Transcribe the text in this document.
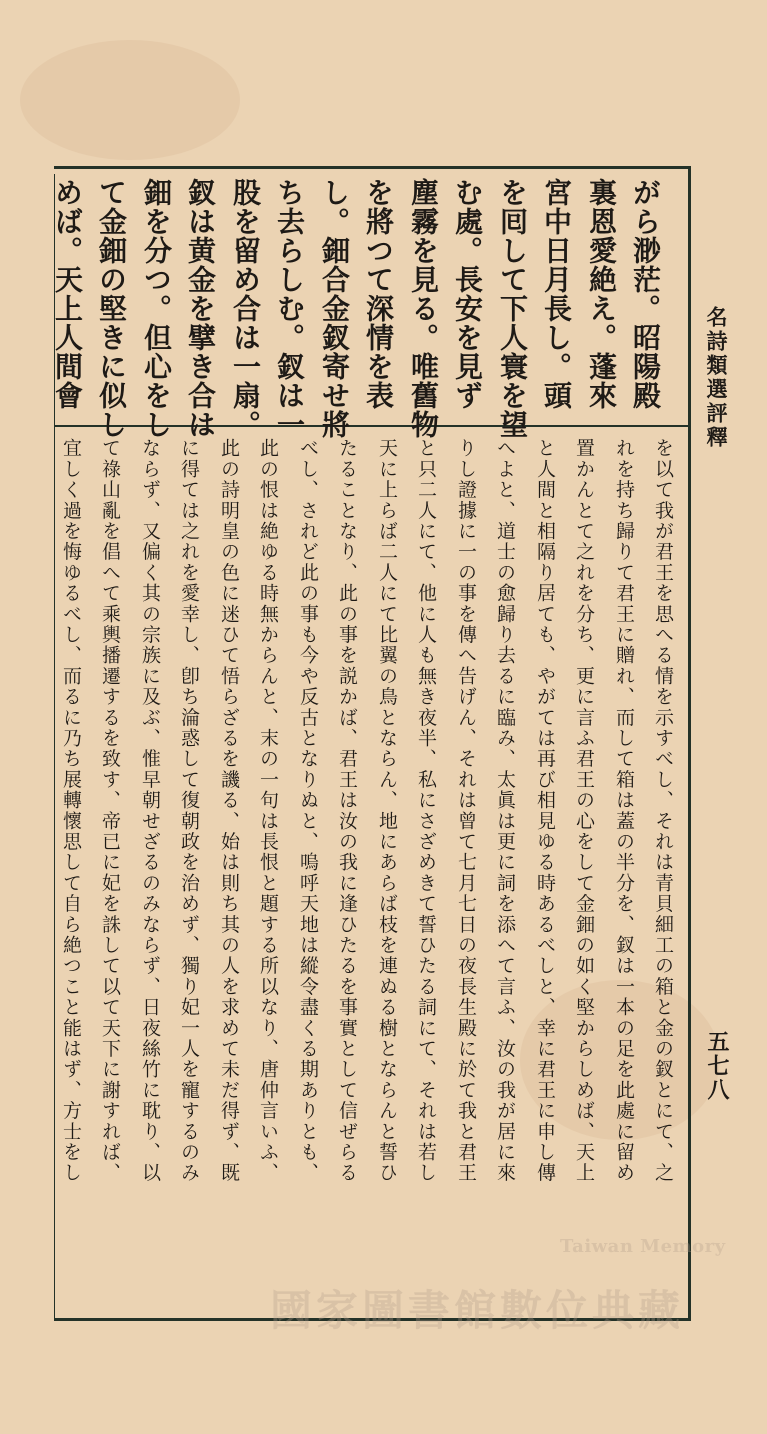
名詩類選評釋
五七八
がら渺茫。昭陽殿
裏恩愛絶え。蓬來
宮中日月長し。頭
を囘して下人寰を望
む處。長安を見ず
塵霧を見る。唯舊物
を將つて深情を表
し。鈿合金釵寄せ將
ち去らしむ。釵は一
股を留め合は一扇。
釵は黄金を擘き合は
鈿を分つ。但心をし
て金鈿の堅きに似し
めば。天上人間會
を以て我が君王を思へる情を示すべし、それは青貝細工の箱と金の釵とにて、之
れを持ち歸りて君王に贈れ、而して箱は蓋の半分を、釵は一本の足を此處に留め
置かんとて之れを分ち、更に言ふ君王の心をして金鈿の如く堅からしめば、天上
と人間と相隔り居ても、やがては再び相見ゆる時あるべしと、幸に君王に申し傳
へよと、道士の愈歸り去るに臨み、太眞は更に詞を添へて言ふ、汝の我が居に來
りし證據に一の事を傳へ告げん、それは曾て七月七日の夜長生殿に於て我と君王
と只二人にて、他に人も無き夜半、私にさざめきて誓ひたる詞にて、それは若し
天に上らば二人にて比翼の鳥とならん、地にあらば枝を連ぬる樹とならんと誓ひ
たることなり、此の事を説かば、君王は汝の我に逢ひたるを事實として信ぜらる
べし、されど此の事も今や反古となりぬと、嗚呼天地は縱令盡くる期ありとも、
此の恨は絶ゆる時無からんと、末の一句は長恨と題する所以なり、唐仲言いふ、
此の詩明皇の色に迷ひて悟らざるを譏る、始は則ち其の人を求めて未だ得ず、既
に得ては之れを愛幸し、卽ち淪惑して復朝政を治めず、獨り妃一人を寵するのみ
ならず、又偏く其の宗族に及ぶ、惟早朝せざるのみならず、日夜絲竹に耽り、以
て祿山亂を倡へて乘輿播遷するを致す、帝已に妃を誅して以て天下に謝すれば、
宜しく過を悔ゆるべし、而るに乃ち展轉懷思して自ら絶つこと能はず、方士をし
國家圖書館數位典藏
Taiwan Memory
